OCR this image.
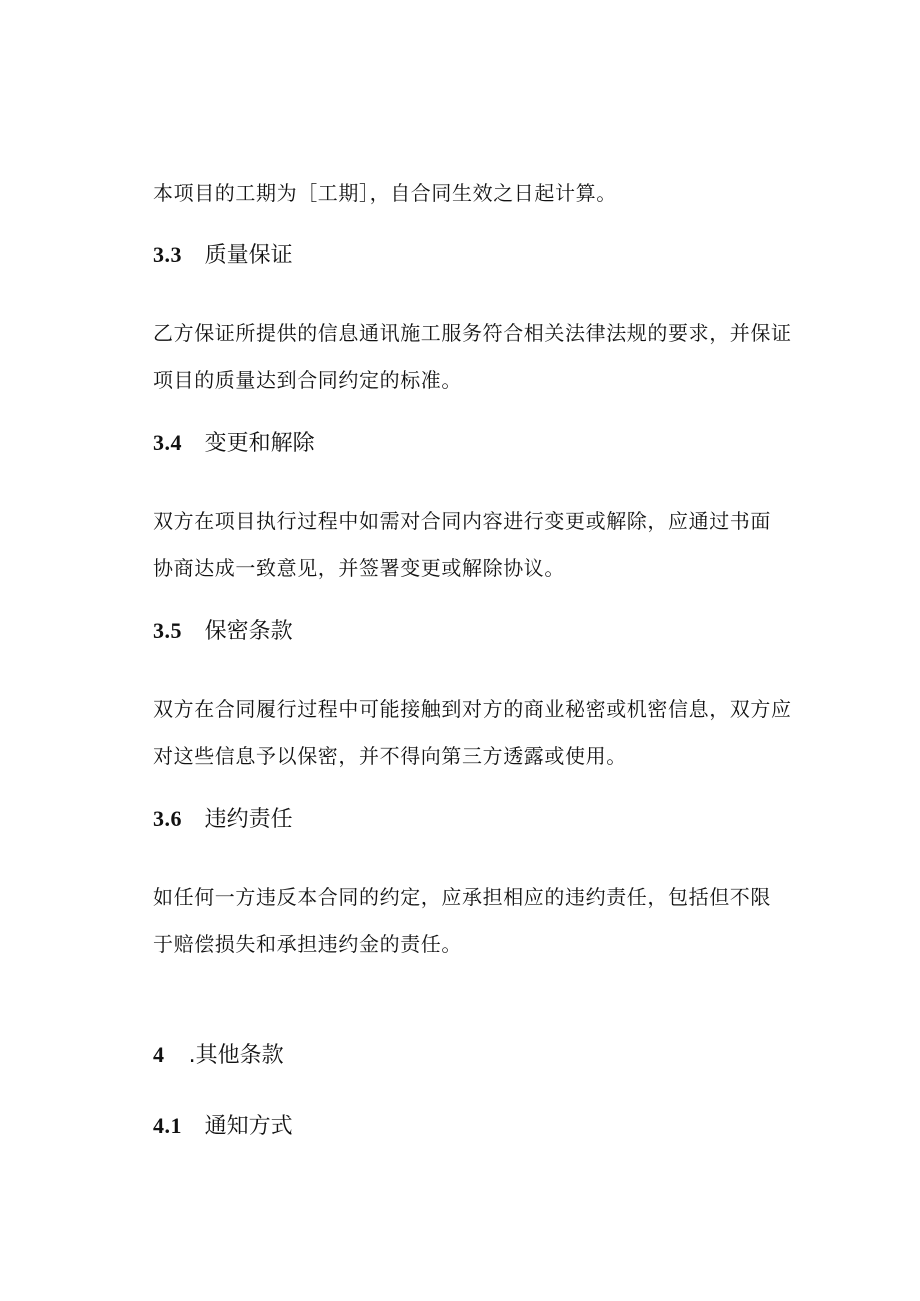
本项目的工期为［工期］，自合同生效之日起计算。

3.3 质量保证

乙方保证所提供的信息通讯施工服务符合相关法律法规的要求，并保证
项目的质量达到合同约定的标准。

3.4 变更和解除

双方在项目执行过程中如需对合同内容进行变更或解除，应通过书面
协商达成一致意见，并签署变更或解除协议。

3.5 保密条款

双方在合同履行过程中可能接触到对方的商业秘密或机密信息，双方应
对这些信息予以保密，并不得向第三方透露或使用。

3.6 违约责任

如任何一方违反本合同的约定，应承担相应的违约责任，包括但不限
于赔偿损失和承担违约金的责任。

4 .其他条款
4.1 通知方式
